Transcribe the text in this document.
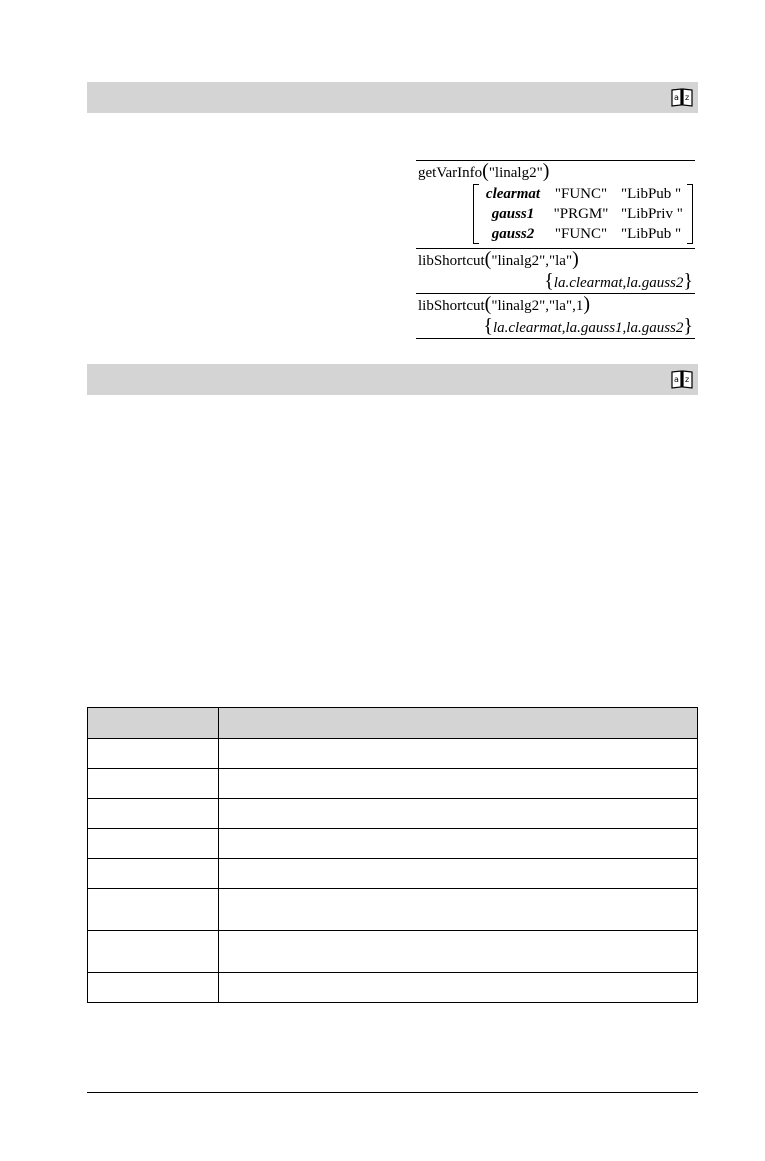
a z
getVarInfo("linalg2")
clearmat "FUNC" "LibPub "
gauss1	"PRGM" "LibPriv "
gauss2	"FUNC" "LibPub "
libShortcut("linalg2","la")
{la.clearmat,la.gauss2}
libShortcut("linalg2","la",1)
{la.clearmat,la.gauss1,la.gauss2}
a z
